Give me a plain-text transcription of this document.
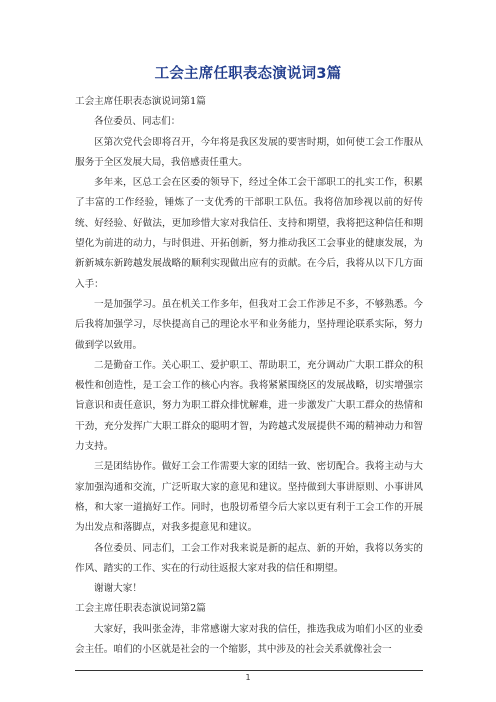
工会主席任职表态演说词3篇

工会主席任职表态演说词第1篇

各位委员、同志们：

区第次党代会即将召开，今年将是我区发展的要害时期，如何使工会工作服从服务于全区发展大局，我倍感责任重大。

多年来，区总工会在区委的领导下，经过全体工会干部职工的扎实工作，积累了丰富的工作经验，锤炼了一支优秀的干部职工队伍。我将倍加珍视以前的好传统、好经验、好做法，更加珍惜大家对我信任、支持和期望，我将把这种信任和期望化为前进的动力，与时俱进、开拓创新，努力推动我区工会事业的健康发展，为新新城东新跨越发展战略的顺利实现做出应有的贡献。在今后，我将从以下几方面入手：

一是加强学习。虽在机关工作多年，但我对工会工作涉足不多，不够熟悉。今后我将加强学习，尽快提高自己的理论水平和业务能力，坚持理论联系实际，努力做到学以致用。

二是勤奋工作。关心职工、爱护职工、帮助职工，充分调动广大职工群众的积极性和创造性，是工会工作的核心内容。我将紧紧围绕区的发展战略，切实增强宗旨意识和责任意识，努力为职工群众排忧解难，进一步激发广大职工群众的热情和干劲，充分发挥广大职工群众的聪明才智，为跨越式发展提供不竭的精神动力和智力支持。

三是团结协作。做好工会工作需要大家的团结一致、密切配合。我将主动与大家加强沟通和交流，广泛听取大家的意见和建议。坚持做到大事讲原则、小事讲风格，和大家一道搞好工作。同时，也殷切希望今后大家以更有利于工会工作的开展为出发点和落脚点，对我多提意见和建议。

各位委员、同志们，工会工作对我来说是新的起点、新的开始，我将以务实的作风、踏实的工作、实在的行动往返报大家对我的信任和期望。

谢谢大家！

工会主席任职表态演说词第2篇

大家好，我叫张金涛，非常感谢大家对我的信任，推选我成为咱们小区的业委会主任。咱们的小区就是社会的一个缩影，其中涉及的社会关系就像社会一

1
